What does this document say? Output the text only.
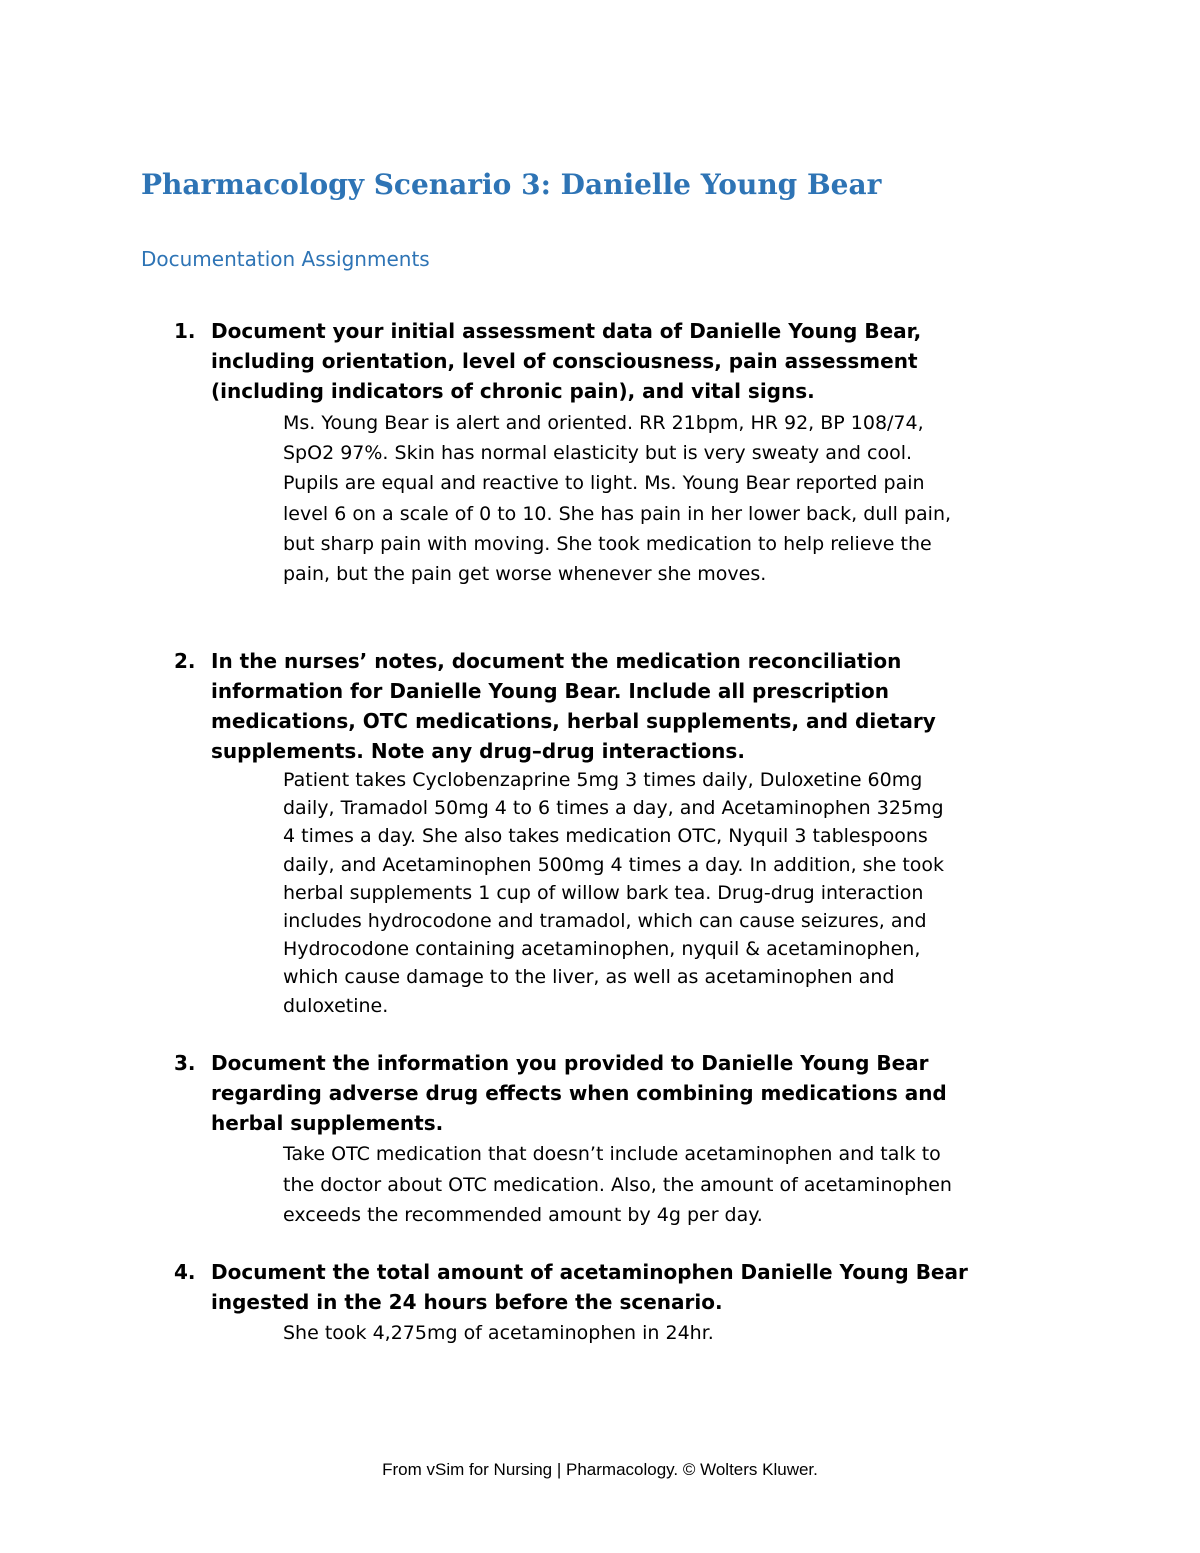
Pharmacology Scenario 3: Danielle Young Bear
Documentation Assignments
1. Document your initial assessment data of Danielle Young Bear,
including orientation, level of consciousness, pain assessment
(including indicators of chronic pain), and vital signs.
Ms. Young Bear is alert and oriented. RR 21bpm, HR 92, BP 108/74,
SpO2 97%. Skin has normal elasticity but is very sweaty and cool.
Pupils are equal and reactive to light. Ms. Young Bear reported pain
level 6 on a scale of 0 to 10. She has pain in her lower back, dull pain,
but sharp pain with moving. She took medication to help relieve the
pain, but the pain get worse whenever she moves.
2. In the nurses’ notes, document the medication reconciliation
information for Danielle Young Bear. Include all prescription
medications, OTC medications, herbal supplements, and dietary
supplements. Note any drug–drug interactions.
Patient takes Cyclobenzaprine 5mg 3 times daily, Duloxetine 60mg
daily, Tramadol 50mg 4 to 6 times a day, and Acetaminophen 325mg
4 times a day. She also takes medication OTC, Nyquil 3 tablespoons
daily, and Acetaminophen 500mg 4 times a day. In addition, she took
herbal supplements 1 cup of willow bark tea. Drug-drug interaction
includes hydrocodone and tramadol, which can cause seizures, and
Hydrocodone containing acetaminophen, nyquil & acetaminophen,
which cause damage to the liver, as well as acetaminophen and
duloxetine.
3. Document the information you provided to Danielle Young Bear
regarding adverse drug effects when combining medications and
herbal supplements.
Take OTC medication that doesn’t include acetaminophen and talk to
the doctor about OTC medication. Also, the amount of acetaminophen
exceeds the recommended amount by 4g per day.
4. Document the total amount of acetaminophen Danielle Young Bear
ingested in the 24 hours before the scenario.
She took 4,275mg of acetaminophen in 24hr.
From vSim for Nursing | Pharmacology. © Wolters Kluwer.
